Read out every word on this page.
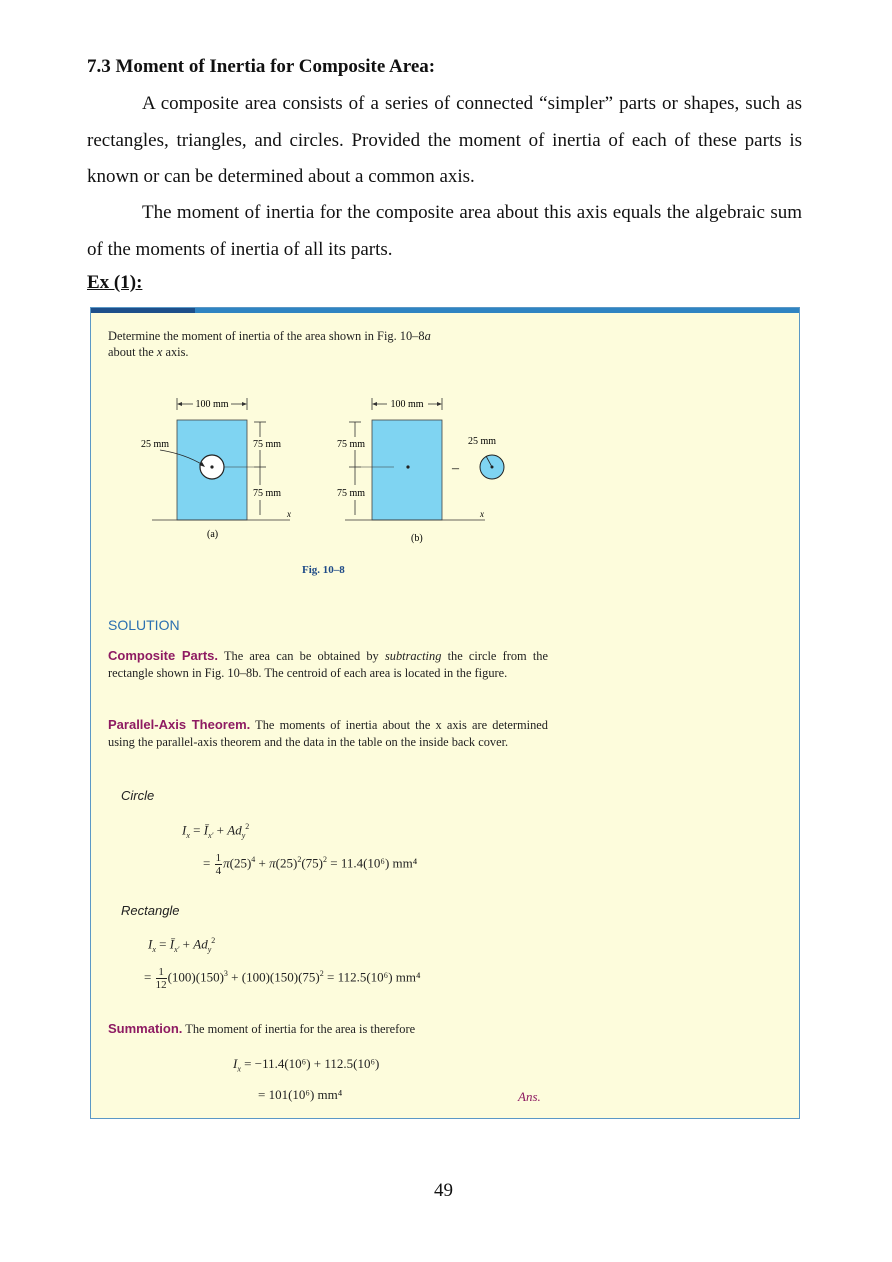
7.3 Moment of Inertia for Composite Area:
A composite area consists of a series of connected “simpler” parts or shapes, such as rectangles, triangles, and circles. Provided the moment of inertia of each of these parts is known or can be determined about a common axis.
The moment of inertia for the composite area about this axis equals the algebraic sum of the moments of inertia of all its parts.
Ex (1):
Determine the moment of inertia of the area shown in Fig. 10–8a
about the x axis.
100 mm
25 mm	75 mm
75 mm
x
(a)
100 mm
75 mm
75 mm
x
–
25 mm
(b)
Fig. 10–8
SOLUTION
Composite Parts. The area can be obtained by subtracting the circle from the rectangle shown in Fig. 10–8b. The centroid of each area is located in the figure.
Parallel-Axis Theorem. The moments of inertia about the x axis are determined using the parallel-axis theorem and the data in the table on the inside back cover.
Circle
$I_x$ = $Ī_{x'} + Ad_y^2$
= $\frac{1}{4} \pi(25)^4 + \pi(25)^2(75)^2 = 11.4(10^6)$ mm⁴
Rectangle
$I_x$ = $Ī_{x'} + Ad_y^2$
= $\frac{1}{12} (100)(150)^3 + (100)(150)(75)^2 = 112.5(10^6)$ mm⁴
Summation. The moment of inertia for the area is therefore
$I_x = -11.4(10^6) + 112.5(10^6)$
= 101(10⁶) mm⁴	Ans.
49
